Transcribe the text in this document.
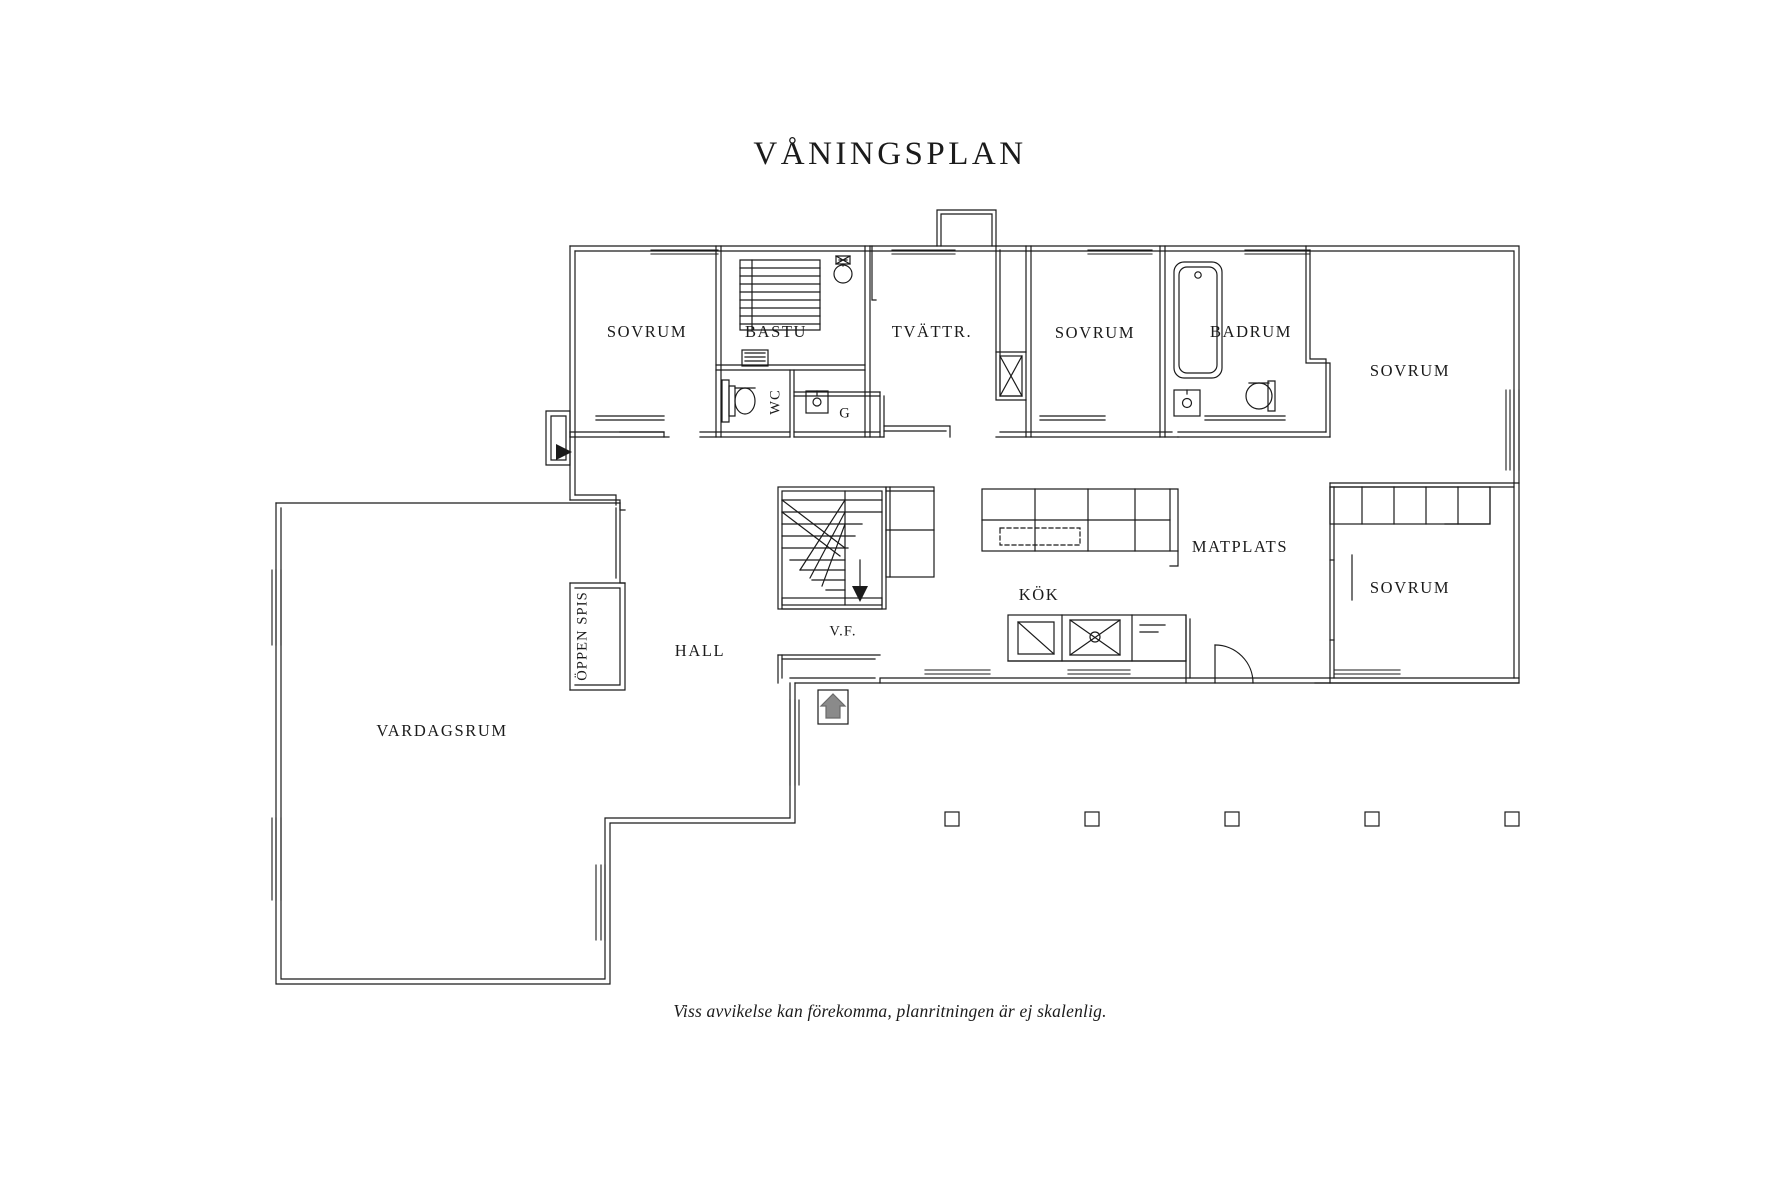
VÅNINGSPLAN
SOVRUM	BASTU	TVÄTTR.	SOVRUM	BADRUM
SOVRUM
WC	G
MATPLATS
SOVRUM
KÖK
V.F.
HALL
ÖPPEN SPIS
VARDAGSRUM
Viss avvikelse kan förekomma, planritningen är ej skalenlig.
